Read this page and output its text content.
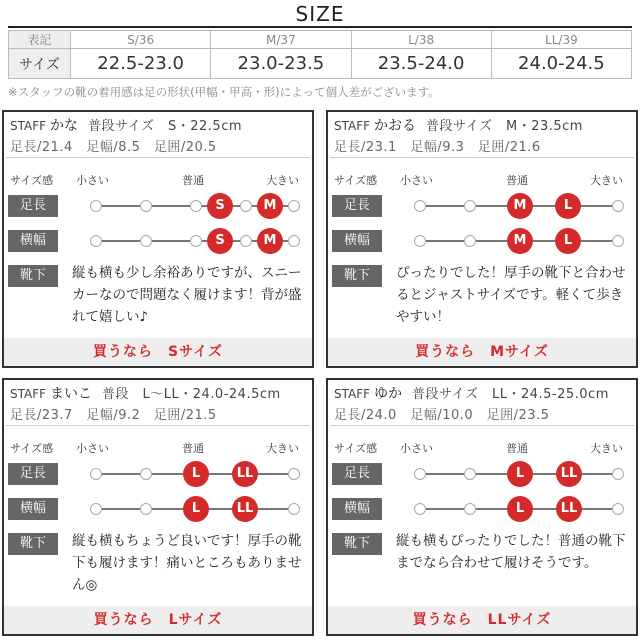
SIZE
表記	S/36	M/37	L/38	LL/39
サイズ	22.5-23.0	23.0-23.5	23.5-24.0	24.0-24.5
※スタッフの靴の着用感は足の形状(甲幅・甲高・形)によって個人差がございます。
STAFF かな 普段サイズ　S・22.5cm
足長/21.4　足幅/8.5　足囲/20.5
サイズ感 小さい	普通	大きい
足長
横幅
靴下	縦も横も少し余裕ありですが、スニーカーなので問題なく履けます！背が盛れて嬉しい♪
買うなら　Sサイズ
S	M
S	M
STAFF かおる 普段サイズ　M・23.5cm
足長/23.1　足幅/9.3　足囲/21.6
サイズ感 小さい	普通	大きい
足長
横幅
靴下	ぴったりでした！厚手の靴下と合わせるとジャストサイズです。軽くて歩きやすい！
買うなら　Mサイズ
M	L
M	L
STAFF まいこ 普段　L〜LL・24.0-24.5cm
足長/23.7　足幅/9.2　足囲/21.5
サイズ感 小さい	普通	大きい
足長
横幅
靴下	縦も横もちょうど良いです！厚手の靴下も履けます！痛いところもありません◎
買うなら　Lサイズ
L	LL
L	LL
STAFF ゆか 普段サイズ　LL・24.5-25.0cm
足長/24.0　足幅/10.0　足囲/23.5
サイズ感 小さい	普通	大きい
足長
横幅
靴下	縦も横もぴったりでした！普通の靴下までなら合わせて履けそうです。
買うなら　LLサイズ
L	LL
L	LL
